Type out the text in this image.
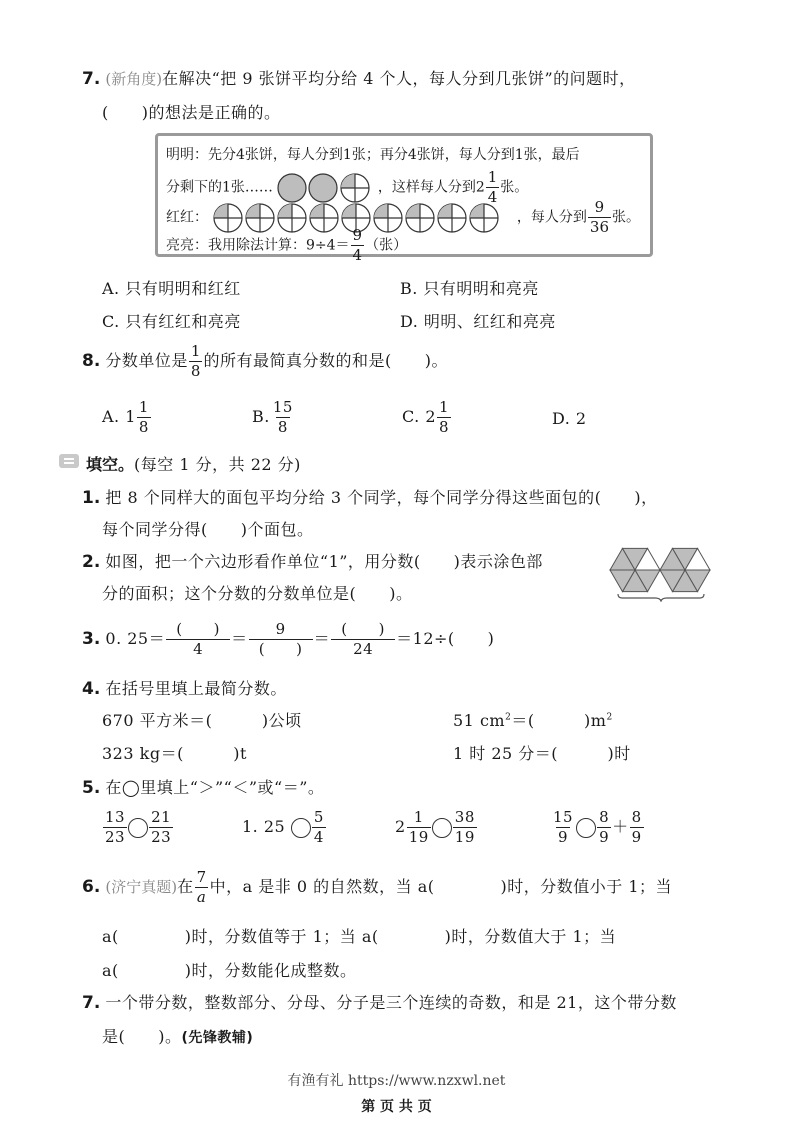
7. (新角度)在解决“把 9 张饼平均分给 4 个人，每人分到几张饼”的问题时，
(　　)的想法是正确的。
明明：先分4张饼，每人分到1张；再分4张饼，每人分到1张，最后
分剩下的1张……	，这样每人分到$2 \frac{1}{4}$ 张。
红红：	，每人分到 $\frac{9}{36}$ 张。
亮亮：我用除法计算：$9\div 4= \frac{9}{4}$ （张）
A. 只有明明和红红	B. 只有明明和亮亮
C. 只有红红和亮亮	D. 明明、红红和亮亮
8. 分数单位是 $\frac{1}{8}$ 的所有最简真分数的和是(　　)。
A. $1 \frac{1}{8}$	B. $\frac{15}{8}$	C. $2 \frac{1}{8}$	D. 2
填空。(每空 1 分，共 22 分)
1. 把 8 个同样大的面包平均分给 3 个同学，每个同学分得这些面包的(　　)，
每个同学分得(　　)个面包。
2. 如图，把一个六边形看作单位“1”，用分数(　　)表示涂色部
分的面积；这个分数的分数单位是(　　)。
3. 0. $25= \frac{( )}{4} = \frac{9}{( )} = \frac{( )}{24} =12\div$(　　)
4. 在括号里填上最简分数。
670 平方米＝(　　　)公顷	51 $cm^2=$(　　　)$m^2$
323 kg＝(　　　)t	1 时 25 分＝(　　　)时
5. 在◯里填上“＞”“＜”或“＝”。
$\frac{13}{23} \frac{21}{23}$	1. $25 \frac{5}{4}$	$2 \frac{1}{19} \frac{38}{19}$	$\frac{15}{9} \frac{8}{9} + \frac{8}{9}$
6. (济宁真题)在 $\frac{7}{a}$ 中，a 是非 0 的自然数，当 a(　　　　)时，分数值小于 1；当
a(　　　　)时，分数值等于 1；当 a(　　　　)时，分数值大于 1；当
a(　　　　)时，分数能化成整数。
7. 一个带分数，整数部分、分母、分子是三个连续的奇数，和是 21，这个带分数
是(　　)。(先锋教辅)
有渔有礼 https://www.nzxwl.net
第 页 共 页
